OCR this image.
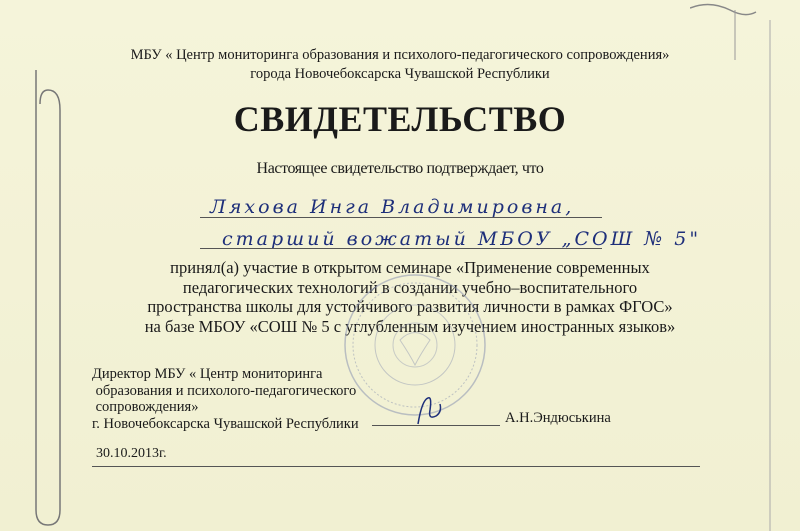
МБУ « Центр мониторинга образования и психолого-педагогического сопровождения»
города Новочебоксарска Чувашской Республики

СВИДЕТЕЛЬСТВО

Настоящее свидетельство подтверждает, что

Ляхова Инга Владимировна,
старший вожатый МБОУ „СОШ № 5"

принял(а) участие в открытом семинаре «Применение современных
педагогических технологий в создании учебно–воспитательного
пространства школы для устойчивого развития личности в рамках ФГОС»
на базе МБОУ «СОШ № 5 с углубленным изучением иностранных языков»

Директор МБУ « Центр мониторинга
образования и психолого-педагогического
сопровождения»
г. Новочебоксарска Чувашской Республики	А.Н.Эндюськина

30.10.2013г.
